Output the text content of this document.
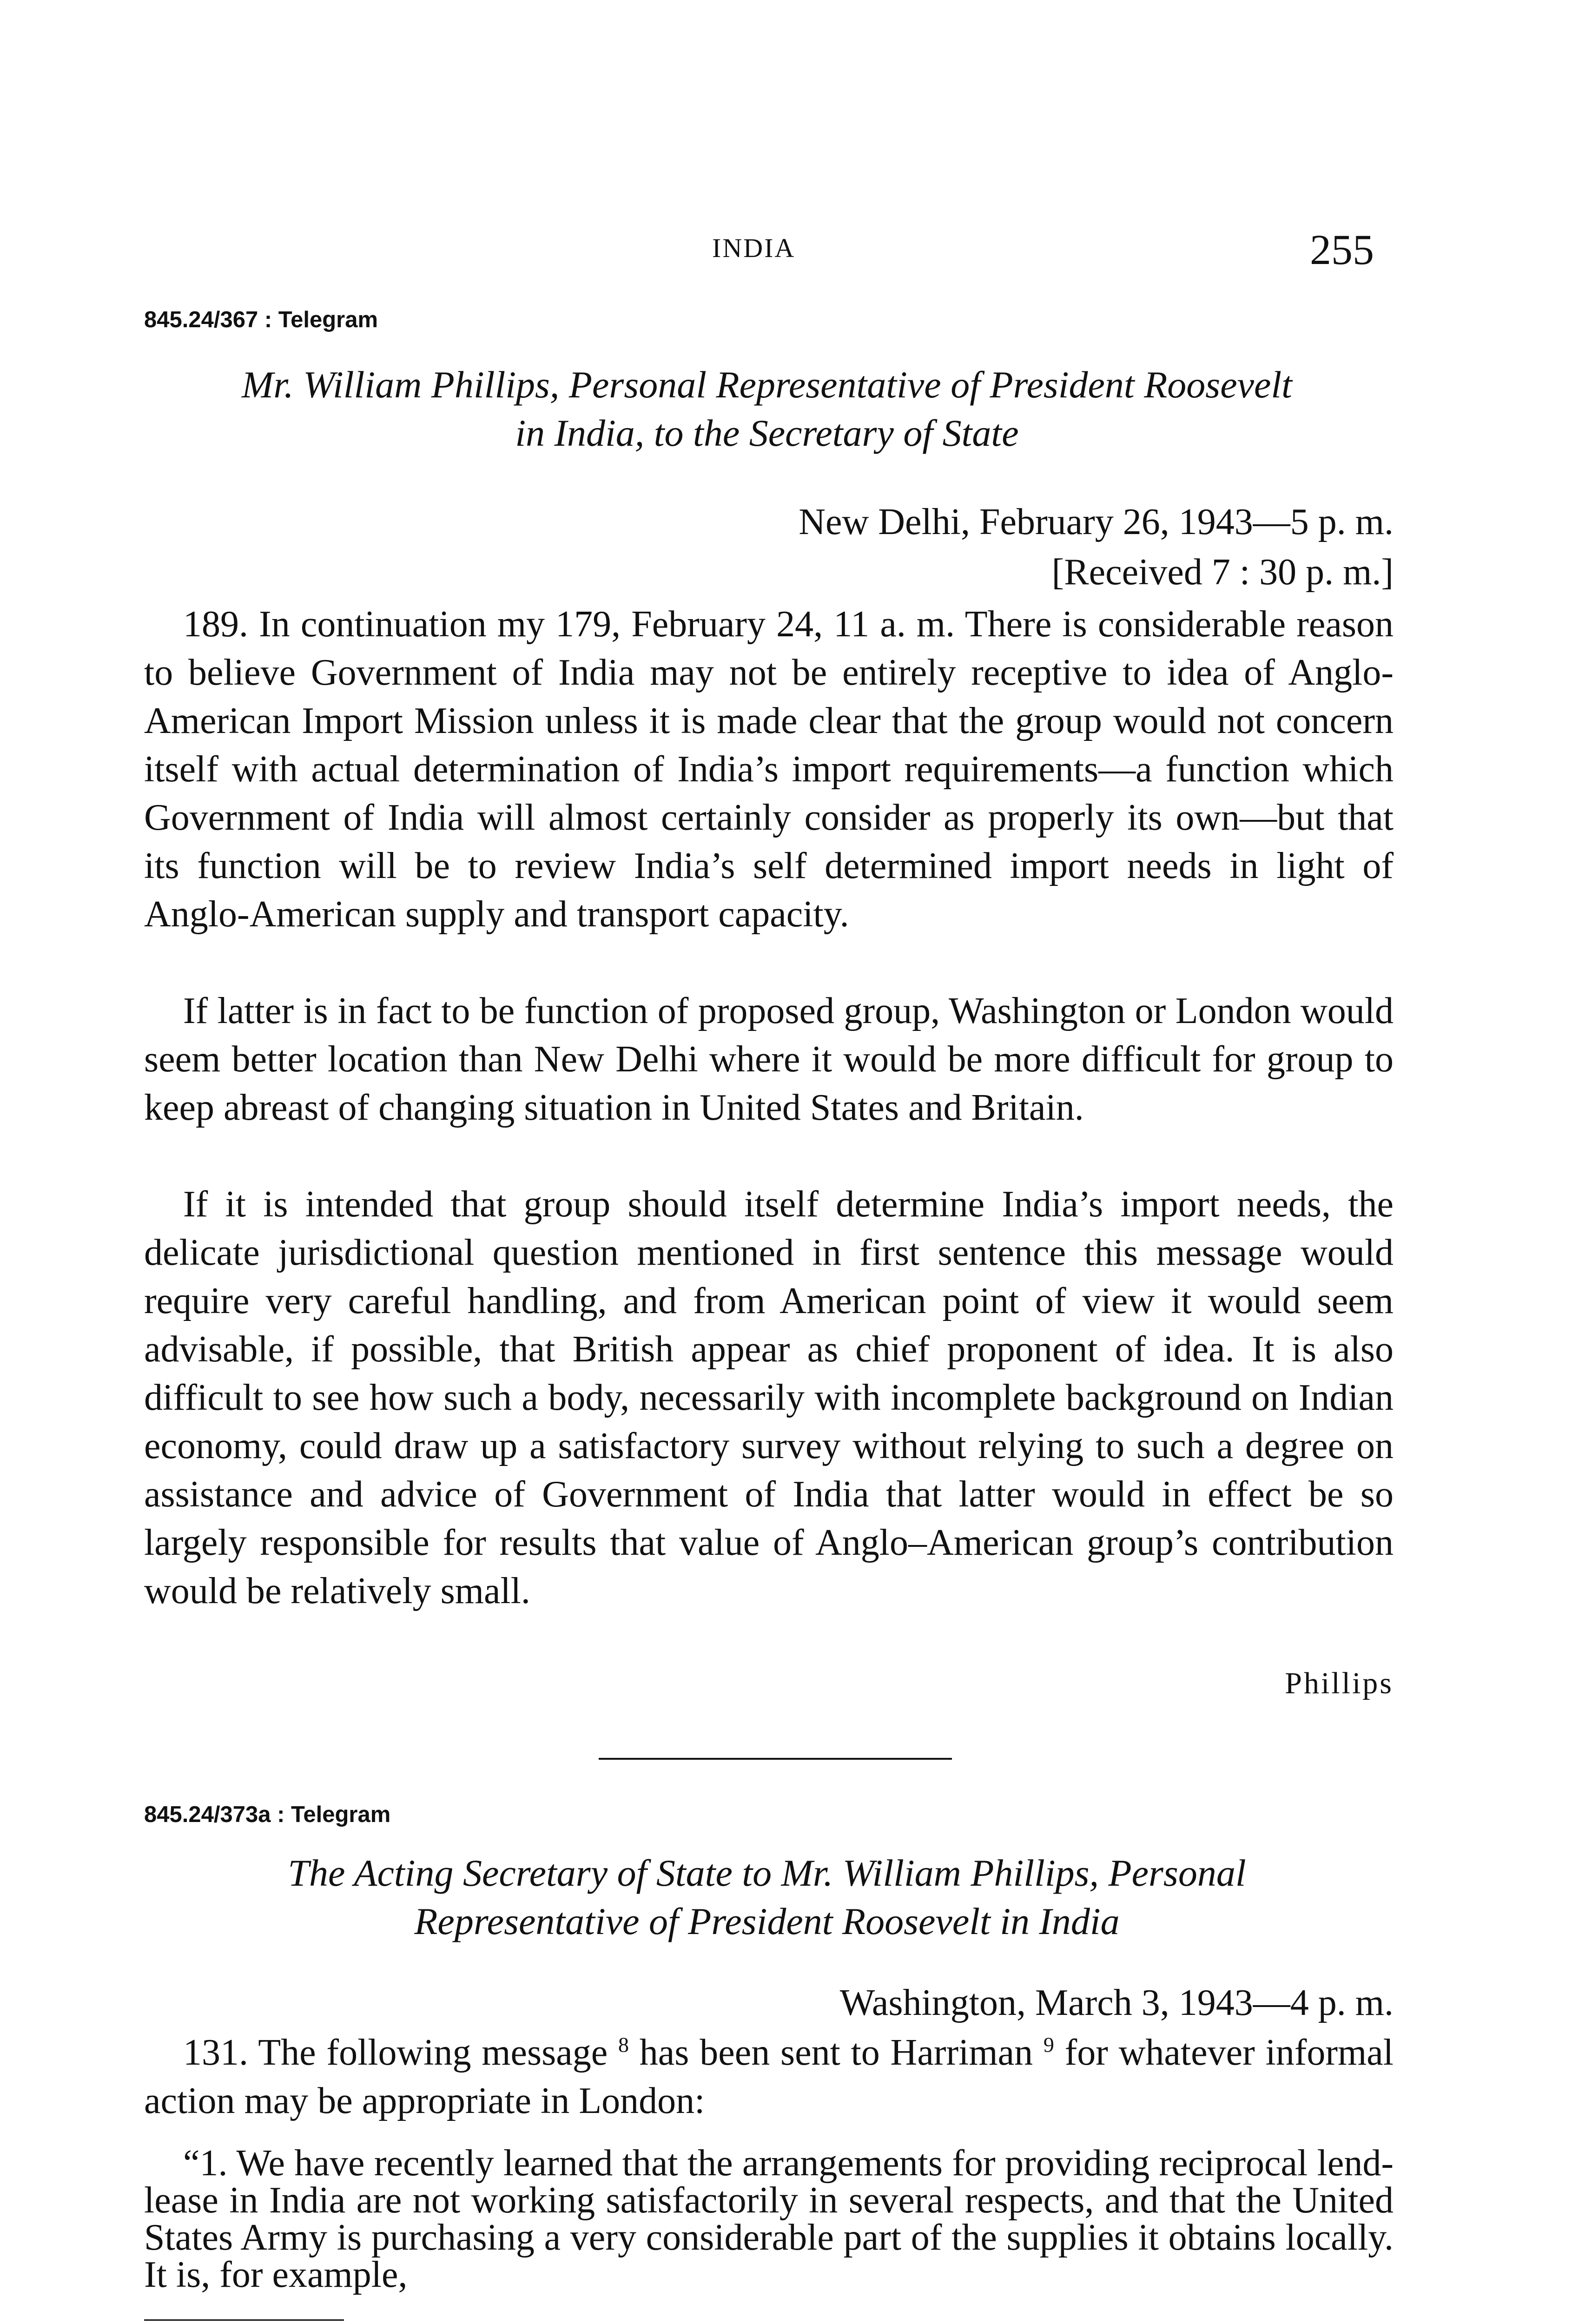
INDIA	255
845.24/367 : Telegram
Mr. William Phillips, Personal Representative of President Roosevelt
in India, to the Secretary of State
New Delhi, February 26, 1943—5 p. m.
[Received 7 : 30 p. m.]
189. In continuation my 179, February 24, 11 a. m. There is considerable reason to believe Government of India may not be entirely receptive to idea of Anglo-American Import Mission unless it is made clear that the group would not concern itself with actual determination of India’s import requirements—a function which Government of India will almost certainly consider as properly its own—but that its function will be to review India’s self determined import needs in light of Anglo-American supply and transport capacity.
If latter is in fact to be function of proposed group, Washington or London would seem better location than New Delhi where it would be more difficult for group to keep abreast of changing situation in United States and Britain.
If it is intended that group should itself determine India’s import needs, the delicate jurisdictional question mentioned in first sentence this message would require very careful handling, and from American point of view it would seem advisable, if possible, that British appear as chief proponent of idea. It is also difficult to see how such a body, necessarily with incomplete background on Indian economy, could draw up a satisfactory survey without relying to such a degree on assistance and advice of Government of India that latter would in effect be so largely responsible for results that value of Anglo–American group’s contribution would be relatively small.
Phillips
845.24/373a : Telegram
The Acting Secretary of State to Mr. William Phillips, Personal
Representative of President Roosevelt in India
Washington, March 3, 1943—4 p. m.
131. The following message $^8$ has been sent to Harriman $^9$ for whatever informal action may be appropriate in London:
“1. We have recently learned that the arrangements for providing reciprocal lend-lease in India are not working satisfactorily in several respects, and that the United States Army is purchasing a very considerable part of the supplies it obtains locally. It is, for example,
